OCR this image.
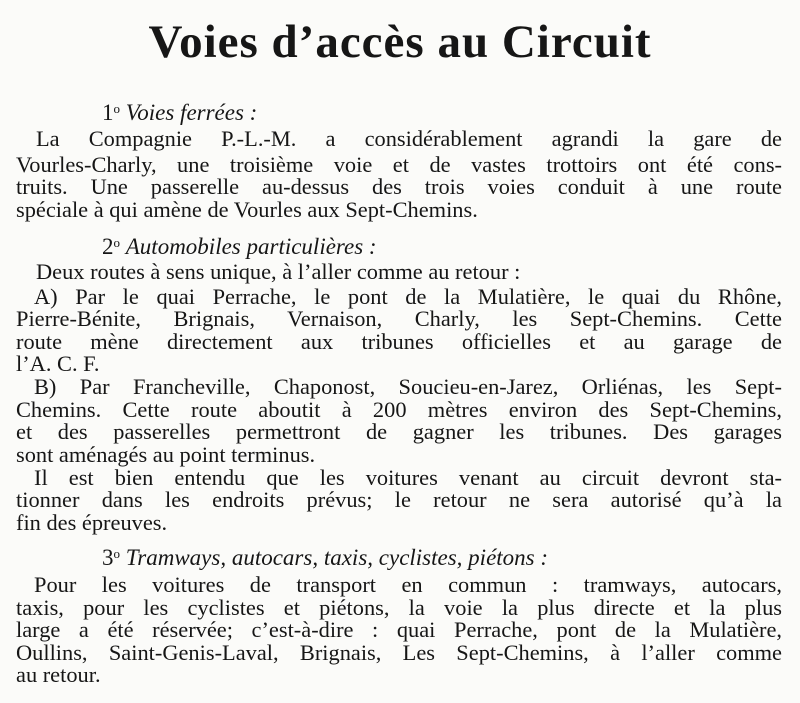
Voies d’accès au Circuit
1$^o$ Voies ferrées :
La Compagnie P.-L.-M. a considérablement agrandi la gare de
Vourles-Charly, une troisième voie et de vastes trottoirs ont été cons-
truits. Une passerelle au-dessus des trois voies conduit à une route
spéciale à qui amène de Vourles aux Sept-Chemins.
2$^o$ Automobiles particulières :
Deux routes à sens unique, à l’aller comme au retour :
A) Par le quai Perrache, le pont de la Mulatière, le quai du Rhône,
Pierre-Bénite, Brignais, Vernaison, Charly, les Sept-Chemins. Cette
route mène directement aux tribunes officielles et au garage de
l’A. C. F.
B) Par Francheville, Chaponost, Soucieu-en-Jarez, Orliénas, les Sept-
Chemins. Cette route aboutit à 200 mètres environ des Sept-Chemins,
et des passerelles permettront de gagner les tribunes. Des garages
sont aménagés au point terminus.
Il est bien entendu que les voitures venant au circuit devront sta-
tionner dans les endroits prévus; le retour ne sera autorisé qu’à la
fin des épreuves.
3$^o$ Tramways, autocars, taxis, cyclistes, piétons :
Pour les voitures de transport en commun : tramways, autocars,
taxis, pour les cyclistes et piétons, la voie la plus directe et la plus
large a été réservée; c’est-à-dire : quai Perrache, pont de la Mulatière,
Oullins, Saint-Genis-Laval, Brignais, Les Sept-Chemins, à l’aller comme
au retour.
